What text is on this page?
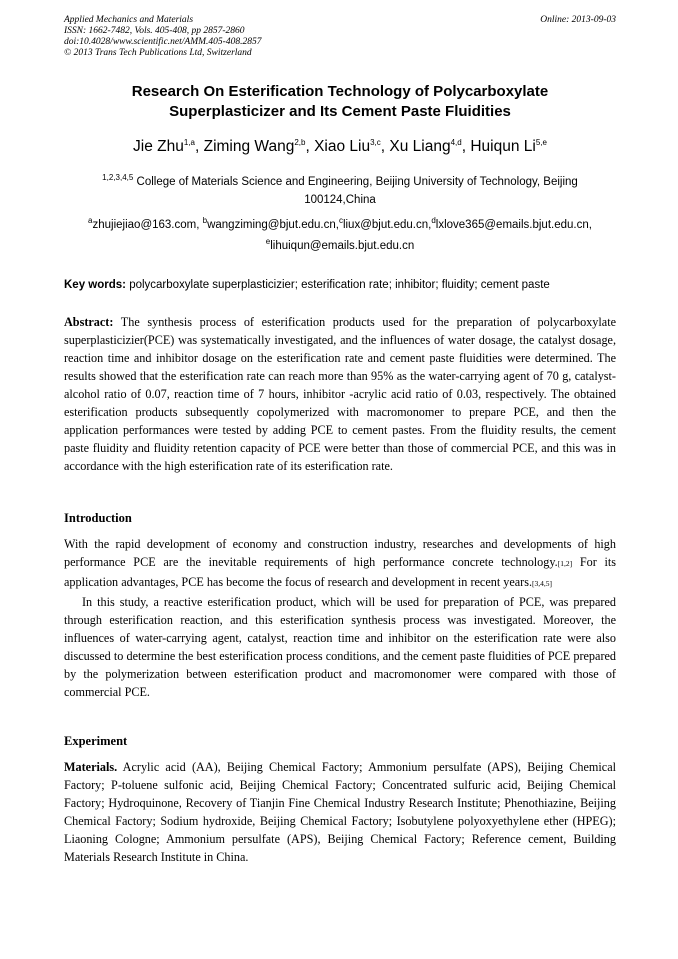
Applied Mechanics and Materials
ISSN: 1662-7482, Vols. 405-408, pp 2857-2860
doi:10.4028/www.scientific.net/AMM.405-408.2857
© 2013 Trans Tech Publications Ltd, Switzerland
Online: 2013-09-03
Research On Esterification Technology of Polycarboxylate
Superplasticizer and Its Cement Paste Fluidities
Jie Zhu$^{1,a}$, Ziming Wang$^{2,b}$, Xiao Liu$^{3,c}$, Xu Liang$^{4,d}$, Huiqun Li$^{5,e}$
$^{1,2,3,4,5}$ College of Materials Science and Engineering, Beijing University of Technology, Beijing
100124,China
$^a$zhujiejiao@163.com, $^b$wangziming@bjut.edu.cn,$^c$liux@bjut.edu.cn,$^d$lxlove365@emails.bjut.edu.cn,
$^e$lihuiqun@emails.bjut.edu.cn
Key words: polycarboxylate superplasticizier; esterification rate; inhibitor; fluidity; cement paste
Abstract: The synthesis process of esterification products used for the preparation of polycarboxylate superplasticizier(PCE) was systematically investigated, and the influences of water dosage, the catalyst dosage, reaction time and inhibitor dosage on the esterification rate and cement paste fluidities were determined. The results showed that the esterification rate can reach more than 95% as the water-carrying agent of 70 g, catalyst-alcohol ratio of 0.07, reaction time of 7 hours, inhibitor -acrylic acid ratio of 0.03, respectively. The obtained esterification products subsequently copolymerized with macromonomer to prepare PCE, and then the application performances were tested by adding PCE to cement pastes. From the fluidity results, the cement paste fluidity and fluidity retention capacity of PCE were better than those of commercial PCE, and this was in accordance with the high esterification rate of its esterification rate.
Introduction

With the rapid development of economy and construction industry, researches and developments of high performance PCE are the inevitable requirements of high performance concrete technology.[1,2] For its application advantages, PCE has become the focus of research and development in recent years.[3,4,5]

In this study, a reactive esterification product, which will be used for preparation of PCE, was prepared through esterification reaction, and this esterification synthesis process was investigated. Moreover, the influences of water-carrying agent, catalyst, reaction time and inhibitor on the esterification rate were also discussed to determine the best esterification process conditions, and the cement paste fluidities of PCE prepared by the polymerization between esterification product and macromonomer were compared with those of commercial PCE.

Experiment
Materials. Acrylic acid (AA), Beijing Chemical Factory; Ammonium persulfate (APS), Beijing Chemical Factory; P-toluene sulfonic acid, Beijing Chemical Factory; Concentrated sulfuric acid, Beijing Chemical Factory; Hydroquinone, Recovery of Tianjin Fine Chemical Industry Research Institute; Phenothiazine, Beijing Chemical Factory; Sodium hydroxide, Beijing Chemical Factory; Isobutylene polyoxyethylene ether (HPEG); Liaoning Cologne; Ammonium persulfate (APS), Beijing Chemical Factory; Reference cement, Building Materials Research Institute in China.
